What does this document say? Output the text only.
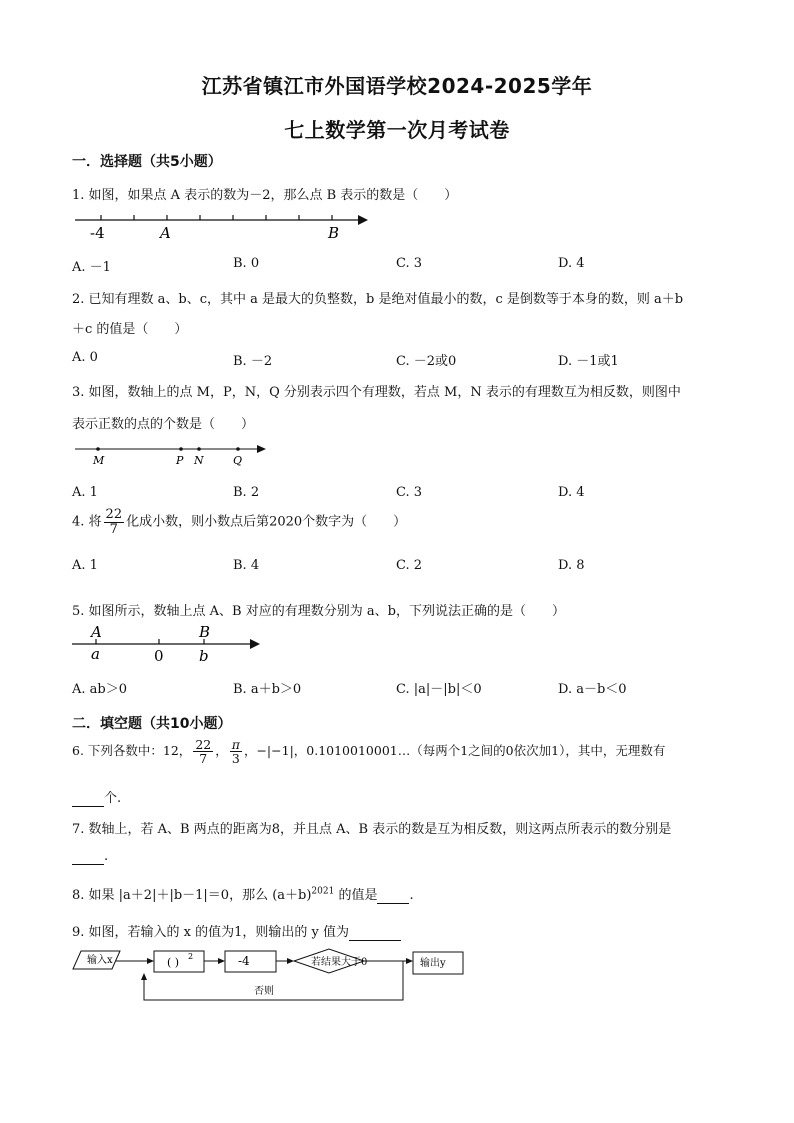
江苏省镇江市外国语学校2024-2025学年
七上数学第一次月考试卷
一．选择题（共5小题）
1. 如图，如果点 A 表示的数为－2，那么点 B 表示的数是（　　）
-4	A	B
A. －1	B. 0	C. 3	D. 4
2. 已知有理数 a、b、c，其中 a 是最大的负整数，b 是绝对值最小的数，c 是倒数等于本身的数，则 a＋b
＋c 的值是（　　）
A. 0	B. －2	C. －2或0	D. －1或1
3. 如图，数轴上的点 M，P，N，Q 分别表示四个有理数，若点 M，N 表示的有理数互为相反数，则图中
表示正数的点的个数是（　　）
M	P N	Q
A. 1	B. 2	C. 3	D. 4
4. 将 $\frac{22}{7}$ 化成小数，则小数点后第2020个数字为（　　）
A. 1	B. 4	C. 2	D. 8
5. 如图所示，数轴上点 A、B 对应的有理数分别为 a、b，下列说法正确的是（　　）
A	B
a	0 b
A. ab＞0	B. a＋b＞0	C. |a|－|b|＜0	D. a－b＜0
二．填空题（共10小题）
6. 下列各数中：12， $\frac{22}{7}$ ， $\frac{\pi}{3}$ ，−|−1|，0.1010010001…（每两个1之间的0依次加1），其中，无理数有
个.
7. 数轴上，若 A、B 两点的距离为8，并且点 A、B 表示的数是互为相反数，则这两点所表示的数分别是
.
8. 如果 |a＋2|＋|b－1|＝0，那么 $(a+b)^{2021}$ 的值是 .
9. 如图，若输入的 x 的值为1，则输出的 y 值为
输入x	( ) 2	-4	若结果大于0	输出y
否则
